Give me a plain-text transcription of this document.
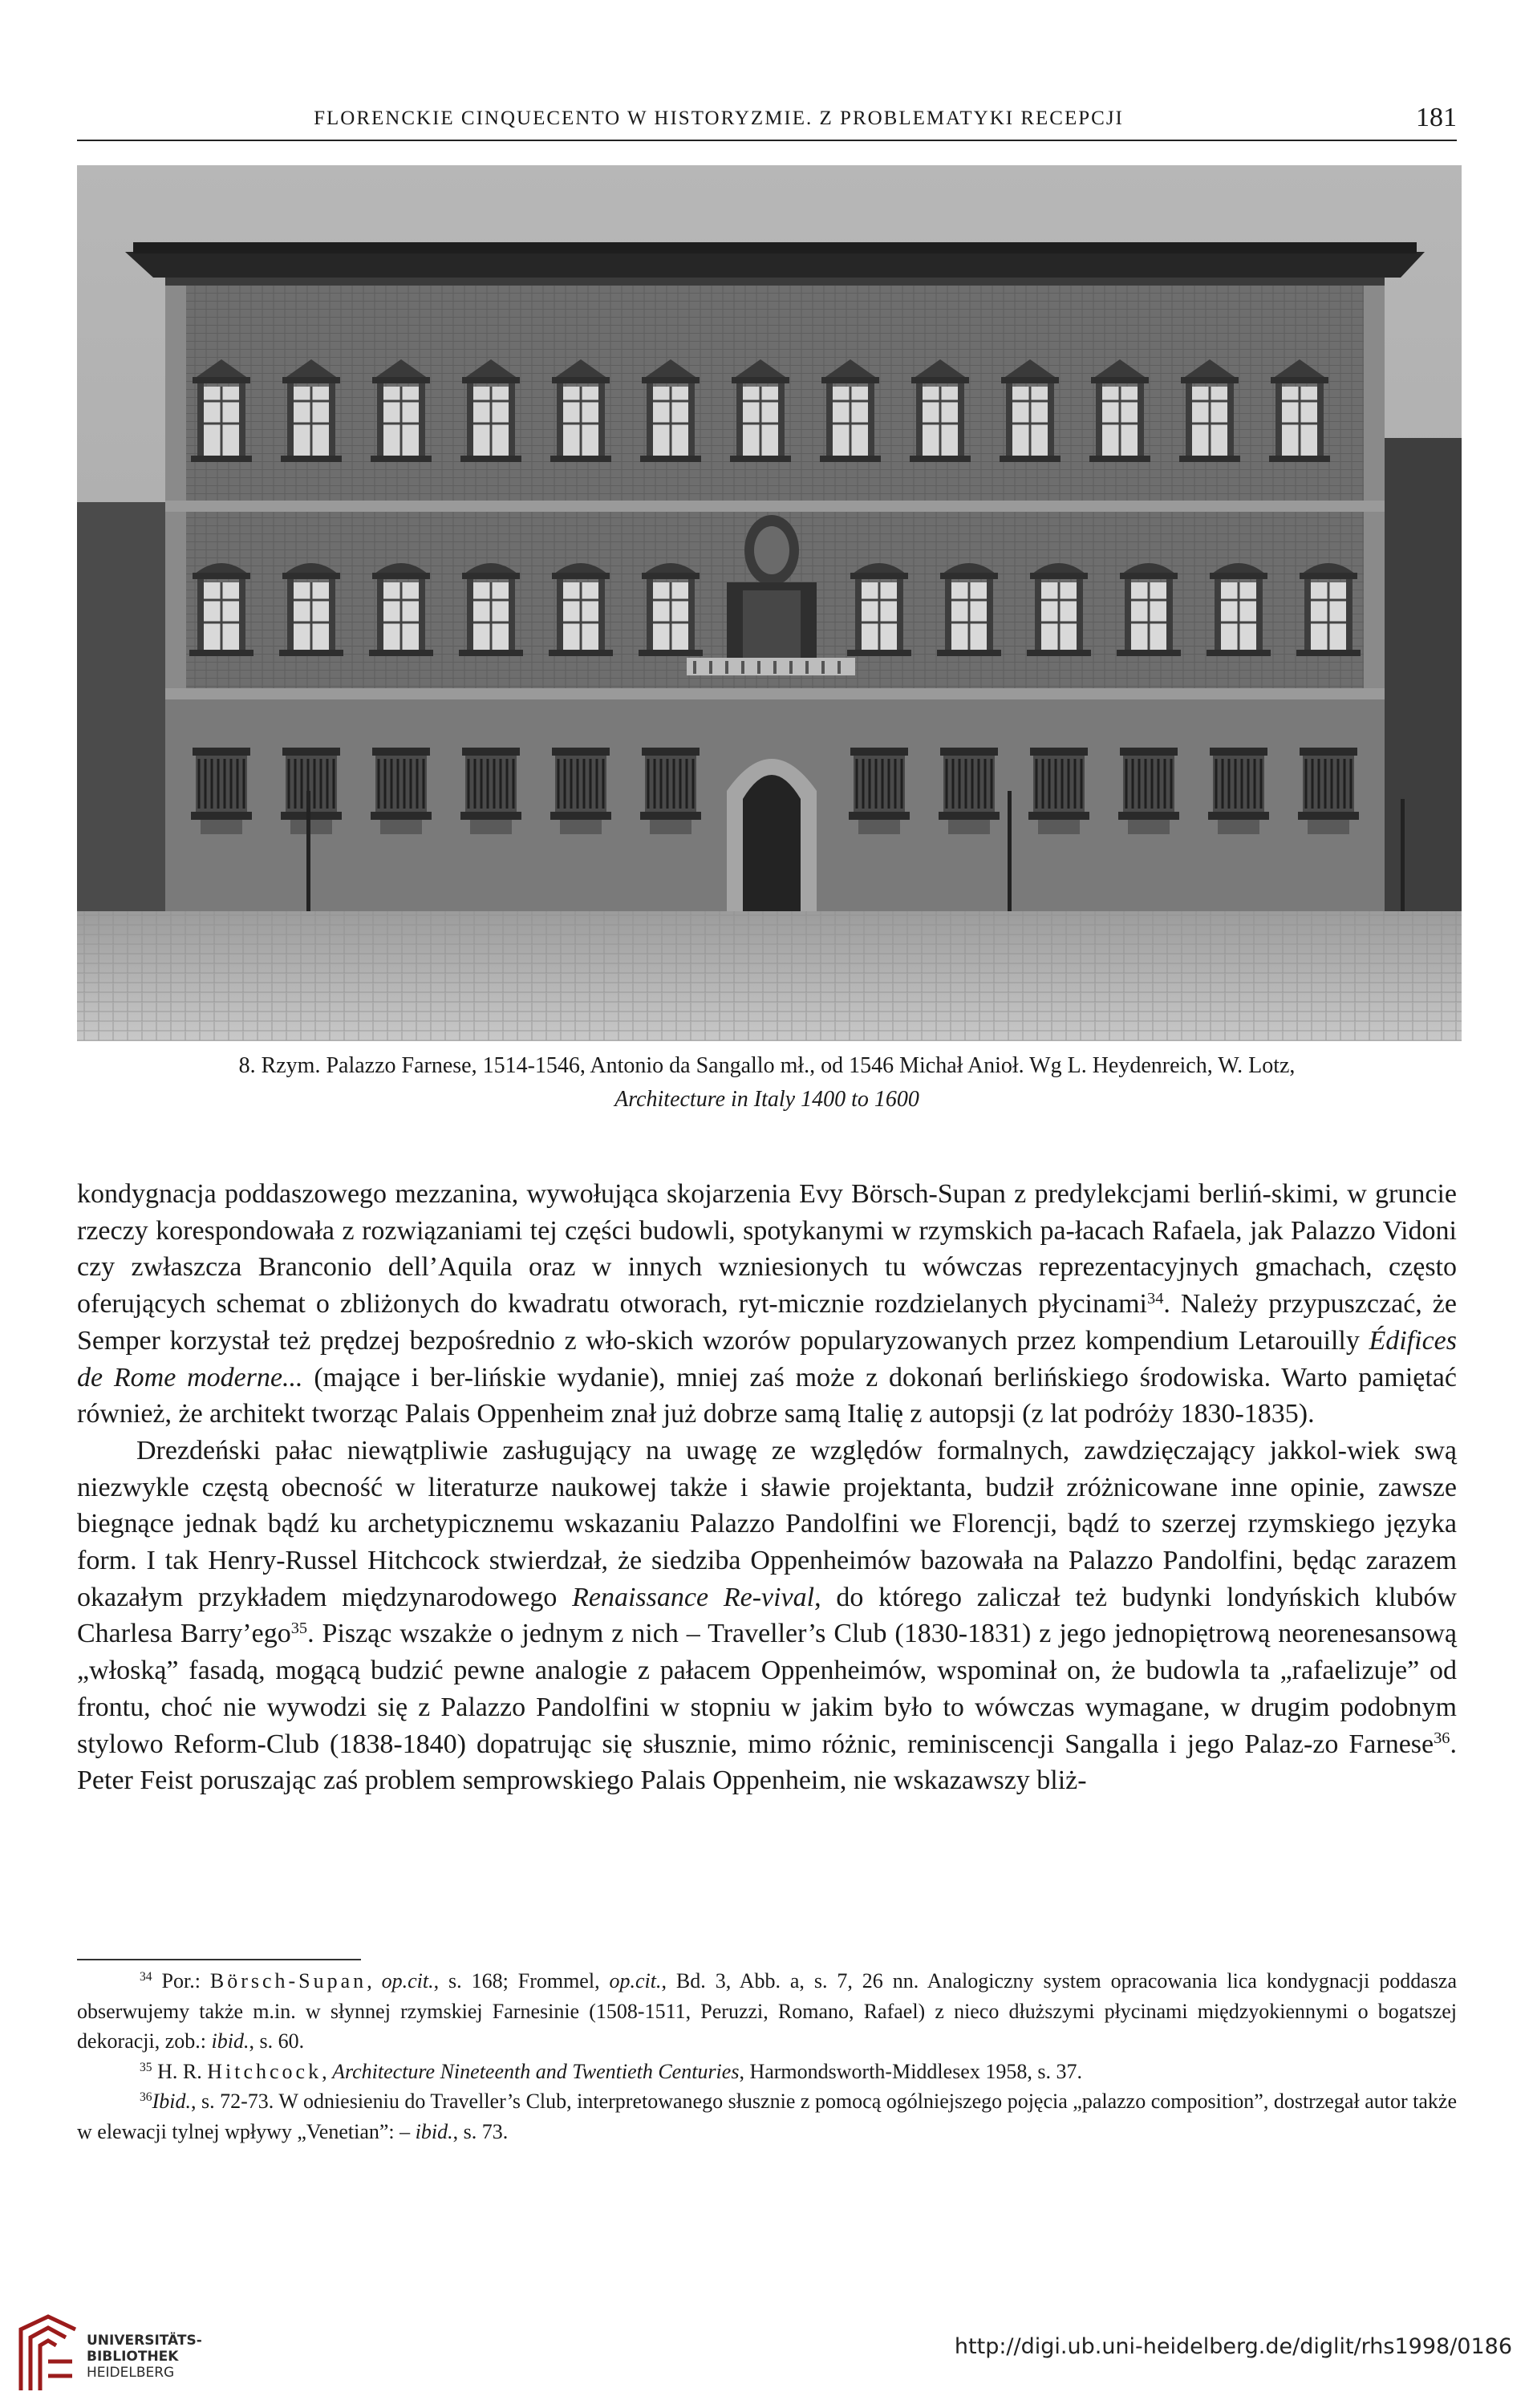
FLORENCKIE CINQUECENTO W HISTORYZMIE. Z PROBLEMATYKI RECEPCJI	181
8. Rzym. Palazzo Farnese, 1514-1546, Antonio da Sangallo mł., od 1546 Michał Anioł. Wg L. Heydenreich, W. Lotz,
Architecture in Italy 1400 to 1600

kondygnacja poddaszowego mezzanina, wywołująca skojarzenia Evy Börsch-Supan z predylekcjami berliń-skimi, w gruncie rzeczy korespondowała z rozwiązaniami tej części budowli, spotykanymi w rzymskich pa-łacach Rafaela, jak Palazzo Vidoni czy zwłaszcza Branconio dell’Aquila oraz w innych wzniesionych tu wówczas reprezentacyjnych gmachach, często oferujących schemat o zbliżonych do kwadratu otworach, ryt-micznie rozdzielanych płycinami$^{34}$. Należy przypuszczać, że Semper korzystał też prędzej bezpośrednio z wło-skich wzorów popularyzowanych przez kompendium Letarouilly Édifices de Rome moderne... (mające i ber-lińskie wydanie), mniej zaś może z dokonań berlińskiego środowiska. Warto pamiętać również, że architekt tworząc Palais Oppenheim znał już dobrze samą Italię z autopsji (z lat podróży 1830-1835).

Drezdeński pałac niewątpliwie zasługujący na uwagę ze względów formalnych, zawdzięczający jakkol-wiek swą niezwykle częstą obecność w literaturze naukowej także i sławie projektanta, budził zróżnicowane inne opinie, zawsze biegnące jednak bądź ku archetypicznemu wskazaniu Palazzo Pandolfini we Florencji, bądź to szerzej rzymskiego języka form. I tak Henry-Russel Hitchcock stwierdzał, że siedziba Oppenheimów bazowała na Palazzo Pandolfini, będąc zarazem okazałym przykładem międzynarodowego Renaissance Re-vival, do którego zaliczał też budynki londyńskich klubów Charlesa Barry’ego$^{35}$. Pisząc wszakże o jednym z nich – Traveller’s Club (1830-1831) z jego jednopiętrową neorenesansową „włoską” fasadą, mogącą budzić pewne analogie z pałacem Oppenheimów, wspominał on, że budowla ta „rafaelizuje” od frontu, choć nie wywodzi się z Palazzo Pandolfini w stopniu w jakim było to wówczas wymagane, w drugim podobnym stylowo Reform-Club (1838-1840) dopatrując się słusznie, mimo różnic, reminiscencji Sangalla i jego Palaz-zo Farnese$^{36}$. Peter Feist poruszając zaś problem semprowskiego Palais Oppenheim, nie wskazawszy bliż-

$^{34}$ Por.: Börsch-Supan, op.cit., s. 168; Frommel, op.cit., Bd. 3, Abb. a, s. 7, 26 nn. Analogiczny system opracowania lica kondygnacji poddasza obserwujemy także m.in. w słynnej rzymskiej Farnesinie (1508-1511, Peruzzi, Romano, Rafael) z nieco dłuższymi płycinami międzyokiennymi o bogatszej dekoracji, zob.: ibid., s. 60.

$^{35}$ H. R. Hitchcock, Architecture Nineteenth and Twentieth Centuries, Harmondsworth-Middlesex 1958, s. 37.

$^{36}$Ibid., s. 72-73. W odniesieniu do Traveller’s Club, interpretowanego słusznie z pomocą ogólniejszego pojęcia „palazzo composition”, dostrzegał autor także w elewacji tylnej wpływy „Venetian”: – ibid., s. 73.

UNIVERSITÄTS-
BIBLIOTHEK
HEIDELBERG
http://digi.ub.uni-heidelberg.de/diglit/rhs1998/0186
